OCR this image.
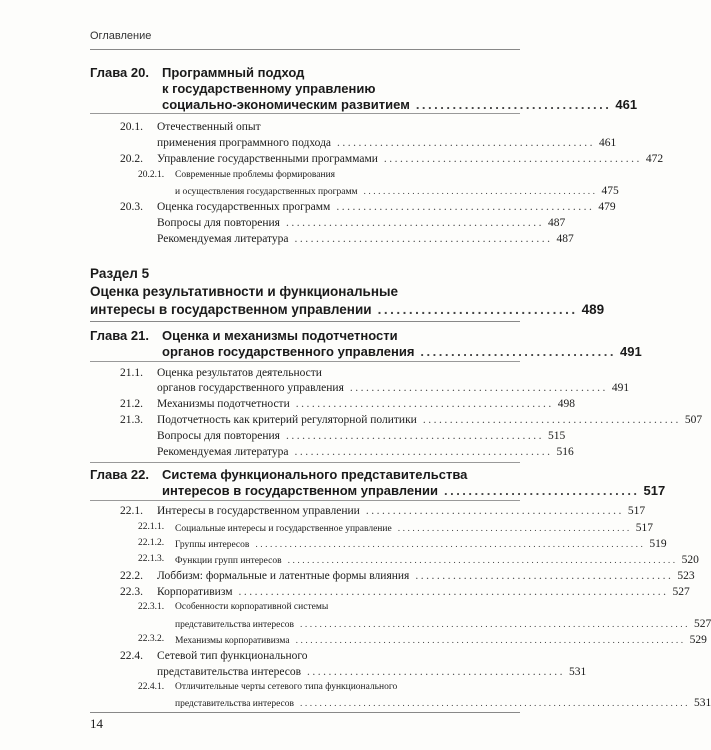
Оглавление
Глава 20. Программный подход
к государственному управлению
социально-экономическим развитием ................................ 461
20.1. Отечественный опыт
применения программного подхода ................................................ 461
20.2. Управление государственными программами ................................................ 472
20.2.1. Современные проблемы формирования
и осуществления государственных программ ................................................ 475
20.3. Оценка государственных программ ................................................ 479
Вопросы для повторения ................................................ 487
Рекомендуемая литература ................................................ 487
Раздел 5
Оценка результативности и функциональные
интересы в государственном управлении ................................ 489
Глава 21. Оценка и механизмы подотчетности
органов государственного управления ................................ 491
21.1. Оценка результатов деятельности
органов государственного управления ................................................ 491
21.2. Механизмы подотчетности ................................................ 498
21.3. Подотчетность как критерий регуляторной политики ................................................ 507
Вопросы для повторения ................................................ 515
Рекомендуемая литература ................................................ 516
Глава 22. Система функционального представительства
интересов в государственном управлении ................................ 517
22.1. Интересы в государственном управлении ................................................ 517
22.1.1. Социальные интересы и государственное управление ................................................ 517
22.1.2. Группы интересов ................................................................................ 519
22.1.3. Функции групп интересов ................................................................................ 520
22.2. Лоббизм: формальные и латентные формы влияния ................................................ 523
22.3. Корпоративизм ................................................................................ 527
22.3.1. Особенности корпоративной системы
представительства интересов ................................................................................ 527
22.3.2. Механизмы корпоративизма ................................................................................ 529
22.4. Сетевой тип функционального
представительства интересов ................................................ 531
22.4.1. Отличительные черты сетевого типа функционального
представительства интересов ................................................................................ 531
14
